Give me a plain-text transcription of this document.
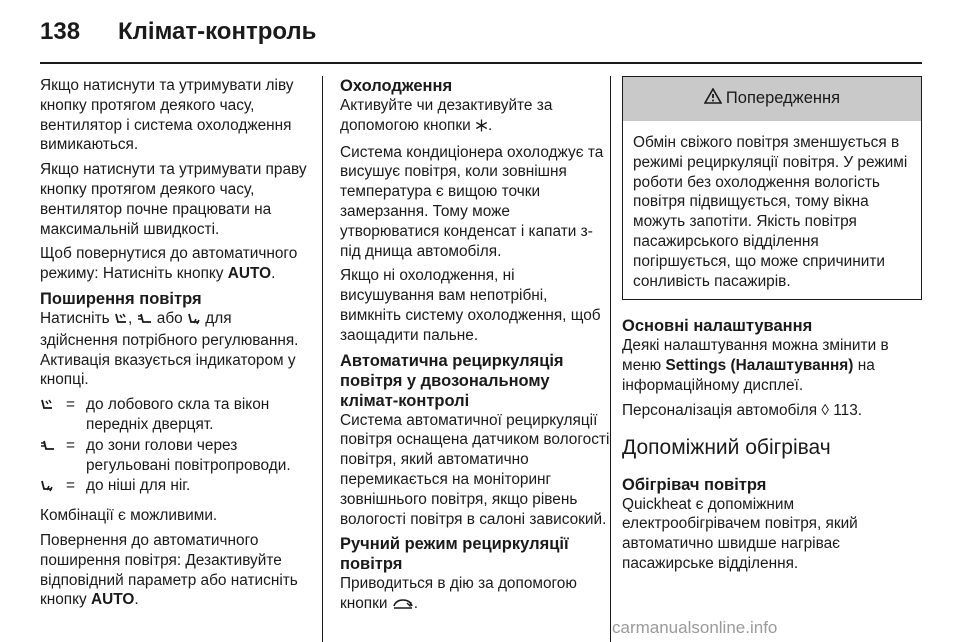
138 Клімат-контроль

Якщо натиснути та утримувати ліву кнопку протягом деякого часу, вентилятор і система охолодження вимикаються.

Якщо натиснути та утримувати праву кнопку протягом деякого часу, вентилятор почне працювати на максимальній швидкості.

Щоб повернутися до автоматичного режиму: Натисніть кнопку AUTO.

Поширення повітря

Натисніть ,  або  для здійснення потрібного регулювання. Активація вказується індикатором у кнопці.

= до лобового скла та вікон передніх дверцят.
= до зони голови через регульовані повітропроводи.
= до ніші для ніг.

Комбінації є можливими.

Повернення до автоматичного поширення повітря: Дезактивуйте відповідний параметр або натисніть кнопку AUTO.

Охолодження

Активуйте чи дезактивуйте за допомогою кнопки .

Система кондиціонера охолоджує та висушує повітря, коли зовнішня температура є вищою точки замерзання. Тому може утворюватися конденсат і капати з-під днища автомобіля.

Якщо ні охолодження, ні висушування вам непотрібні, вимкніть систему охолодження, щоб заощадити пальне.

Автоматична рециркуляція повітря у двозональному клімат-контролі

Система автоматичної рециркуляції повітря оснащена датчиком вологості повітря, який автоматично перемикається на моніторинг зовнішнього повітря, якщо рівень вологості повітря в салоні зависокий.

Ручний режим рециркуляції повітря

Приводиться в дію за допомогою кнопки .

Попередження
Обмін свіжого повітря зменшується в режимі рециркуляції повітря. У режимі роботи без охолодження вологість повітря підвищується, тому вікна можуть запотіти. Якість повітря пасажирського відділення погіршується, що може спричинити сонливість пасажирів.
Основні налаштування

Деякі налаштування можна змінити в меню Settings (Налаштування) на інформаційному дисплеї.

Персоналізація автомобіля ◊ 113.

Допоміжний обігрівач
Обігрівач повітря

Quickheat є допоміжним електрообігрівачем повітря, який автоматично швидше нагріває пасажирське відділення.

carmanualsonline.info
